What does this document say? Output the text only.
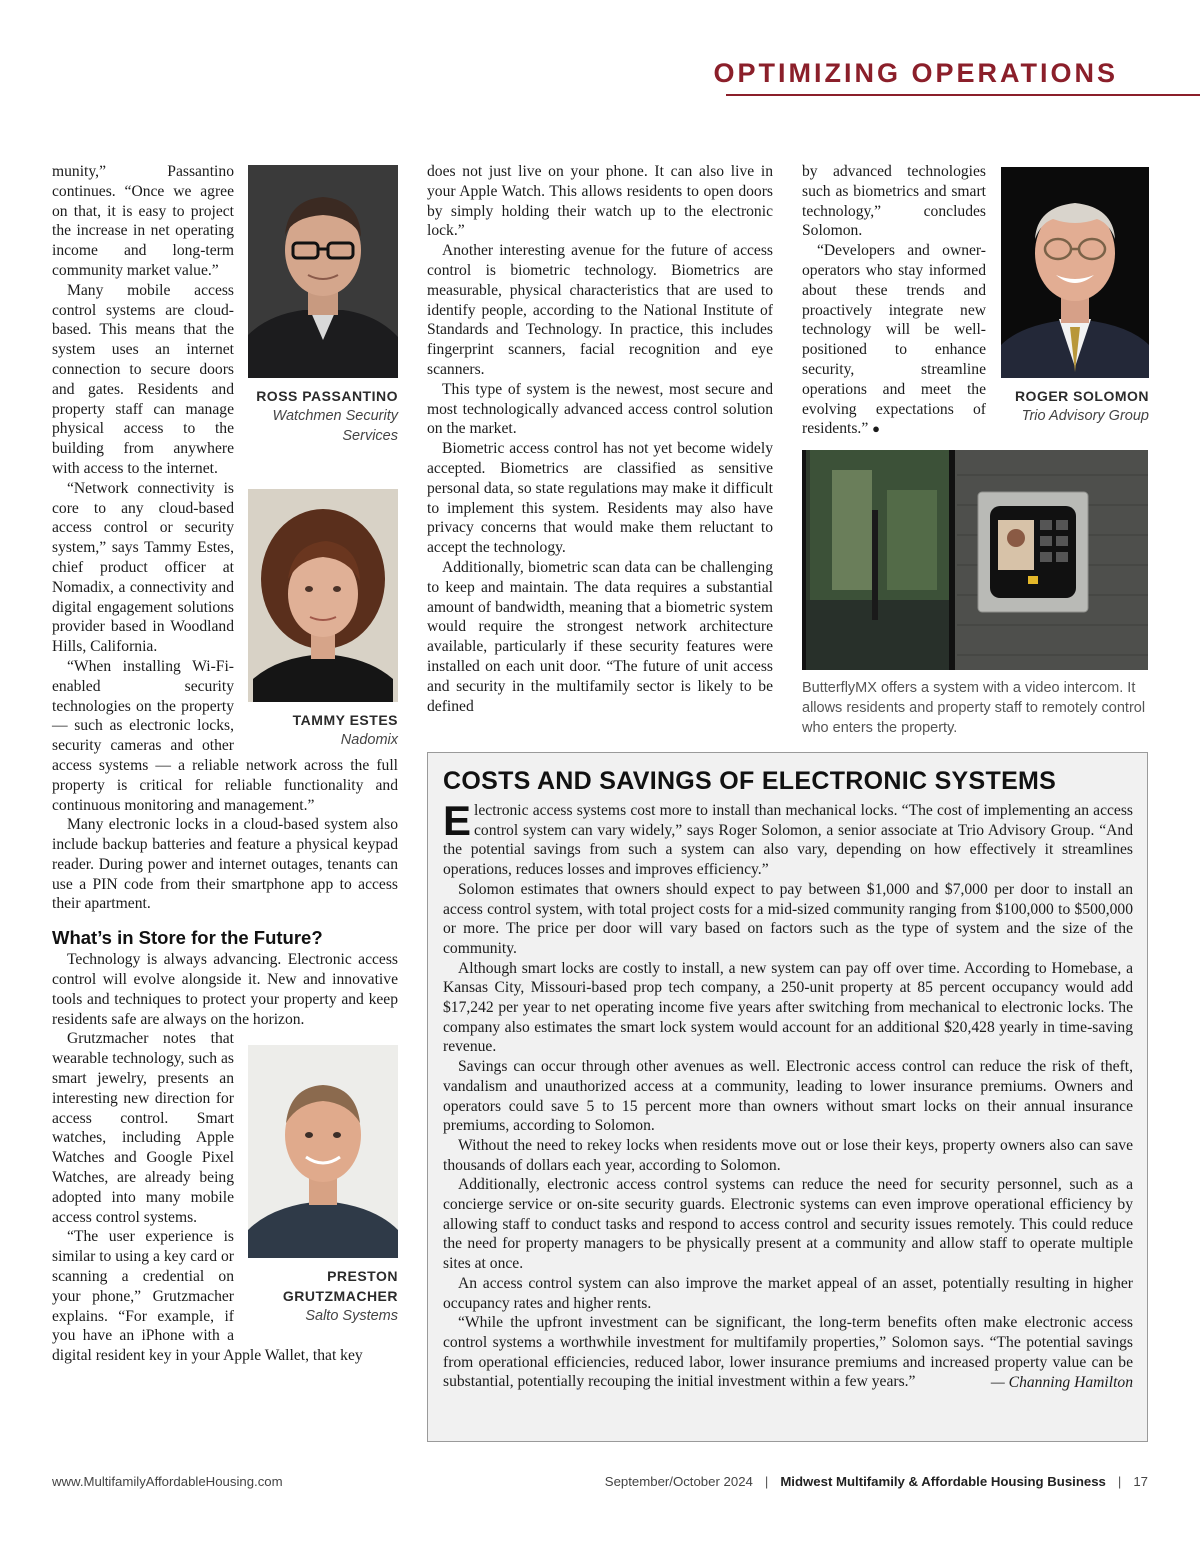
OPTIMIZING OPERATIONS
ROSS PASSANTINO
Watchmen Security Services

munity,” Passantino continues. “Once we agree on that, it is easy to project the increase in net operating income and long-term community market value.”

Many mobile access control systems are cloud-based. This means that the system uses an internet connection to secure doors and gates. Residents and property staff can manage physical access to the building from anywhere with access to the internet.

TAMMY ESTES
Nadomix

“Network connectivity is core to any cloud-based access control or security system,” says Tammy Estes, chief product officer at Nomadix, a connectivity and digital engagement solutions provider based in Woodland Hills, California.

“When installing Wi-Fi-enabled security technologies on the property — such as electronic locks, security cameras and other access systems — a reliable network across the full property is critical for reliable functionality and continuous monitoring and management.”

Many electronic locks in a cloud-based system also include backup batteries and feature a physical keypad reader. During power and internet outages, tenants can use a PIN code from their smartphone app to access their apartment.

What’s in Store for the Future?

Technology is always advancing. Electronic access control will evolve alongside it. New and innovative tools and techniques to protect your property and keep residents safe are always on the horizon.

PRESTON GRUTZMACHER
Salto Systems

Grutzmacher notes that wearable technology, such as smart jewelry, presents an interesting new direction for access control. Smart watches, including Apple Watches and Google Pixel Watches, are already being adopted into many mobile access control systems.

“The user experience is similar to using a key card or scanning a credential on your phone,” Grutzmacher explains. “For example, if you have an iPhone with a digital resident key in your Apple Wallet, that key

does not just live on your phone. It can also live in your Apple Watch. This allows residents to open doors by simply holding their watch up to the electronic lock.”

Another interesting avenue for the future of access control is biometric technology. Biometrics are measurable, physical characteristics that are used to identify people, according to the National Institute of Standards and Technology. In practice, this includes fingerprint scanners, facial recognition and eye scanners.

This type of system is the newest, most secure and most technologically advanced access control solution on the market.

Biometric access control has not yet become widely accepted. Biometrics are classified as sensitive personal data, so state regulations may make it difficult to implement this system. Residents may also have privacy concerns that would make them reluctant to accept the technology.

Additionally, biometric scan data can be challenging to keep and maintain. The data requires a substantial amount of bandwidth, meaning that a biometric system would require the strongest network architecture available, particularly if these security features were installed on each unit door. “The future of unit access and security in the multifamily sector is likely to be defined

by advanced technologies such as biometrics and smart technology,” concludes Solomon.

“Developers and owner-operators who stay informed about these trends and proactively integrate new technology will be well-positioned to enhance security, streamline operations and meet the evolving expectations of residents.” ●

ROGER SOLOMON
Trio Advisory Group
ButterflyMX offers a system with a video intercom. It allows residents and property staff to remotely control who enters the property.
COSTS AND SAVINGS OF ELECTRONIC SYSTEMS

Electronic access systems cost more to install than mechanical locks. “The cost of implementing an access control system can vary widely,” says Roger Solomon, a senior associate at Trio Advisory Group. “And the potential savings from such a system can also vary, depending on how effectively it streamlines operations, reduces losses and improves efficiency.”

Solomon estimates that owners should expect to pay between $1,000 and $7,000 per door to install an access control system, with total project costs for a mid-sized community ranging from $100,000 to $500,000 or more. The price per door will vary based on factors such as the type of system and the size of the community.

Although smart locks are costly to install, a new system can pay off over time. According to Homebase, a Kansas City, Missouri-based prop tech company, a 250-unit property at 85 percent occupancy would add $17,242 per year to net operating income five years after switching from mechanical to electronic locks. The company also estimates the smart lock system would account for an additional $20,428 yearly in time-saving revenue.

Savings can occur through other avenues as well. Electronic access control can reduce the risk of theft, vandalism and unauthorized access at a community, leading to lower insurance premiums. Owners and operators could save 5 to 15 percent more than owners without smart locks on their annual insurance premiums, according to Solomon.

Without the need to rekey locks when residents move out or lose their keys, property owners also can save thousands of dollars each year, according to Solomon.

Additionally, electronic access control systems can reduce the need for security personnel, such as a concierge service or on-site security guards. Electronic systems can even improve operational efficiency by allowing staff to conduct tasks and respond to access control and security issues remotely. This could reduce the need for property managers to be physically present at a community and allow staff to operate multiple sites at once.

An access control system can also improve the market appeal of an asset, potentially resulting in higher occupancy rates and higher rents.

“While the upfront investment can be significant, the long-term benefits often make electronic access control systems a worthwhile investment for multifamily properties,” Solomon says. “The potential savings from operational efficiencies, reduced labor, lower insurance premiums and increased property value can be substantial, potentially recouping the initial investment within a few years.”	— Channing Hamilton
www.MultifamilyAffordableHousing.com	September/October 2024 | Midwest Multifamily & Affordable Housing Business | 17
